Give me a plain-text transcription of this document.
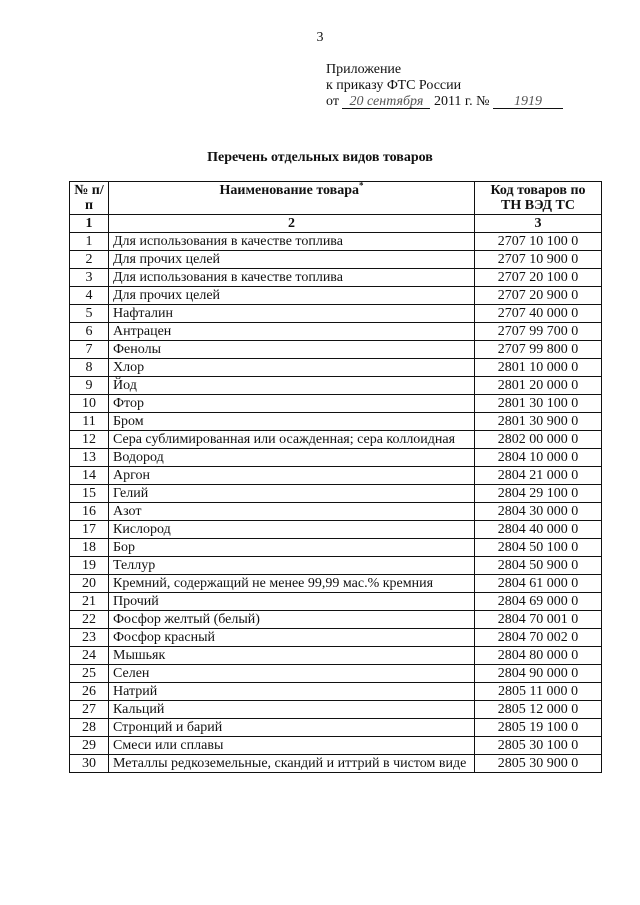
3
Приложение
к приказу ФТС России
от 20 сентября 2011 г. № 1919
Перечень отдельных видов товаров
№ п/п	Наименование товара*	Код товаров по ТН ВЭД ТС
1	2	3
1	Для использования в качестве топлива	2707 10 100 0
2	Для прочих целей	2707 10 900 0
3	Для использования в качестве топлива	2707 20 100 0
4	Для прочих целей	2707 20 900 0
5	Нафталин	2707 40 000 0
6	Антрацен	2707 99 700 0
7	Фенолы	2707 99 800 0
8	Хлор	2801 10 000 0
9	Йод	2801 20 000 0
10	Фтор	2801 30 100 0
11	Бром	2801 30 900 0
12	Сера сублимированная или осажденная; сера коллоидная	2802 00 000 0
13	Водород	2804 10 000 0
14	Аргон	2804 21 000 0
15	Гелий	2804 29 100 0
16	Азот	2804 30 000 0
17	Кислород	2804 40 000 0
18	Бор	2804 50 100 0
19	Теллур	2804 50 900 0
20	Кремний, содержащий не менее 99,99 мас.% кремния	2804 61 000 0
21	Прочий	2804 69 000 0
22	Фосфор желтый (белый)	2804 70 001 0
23	Фосфор красный	2804 70 002 0
24	Мышьяк	2804 80 000 0
25	Селен	2804 90 000 0
26	Натрий	2805 11 000 0
27	Кальций	2805 12 000 0
28	Стронций и барий	2805 19 100 0
29	Смеси или сплавы	2805 30 100 0
30	Металлы редкоземельные, скандий и иттрий в чистом виде	2805 30 900 0
